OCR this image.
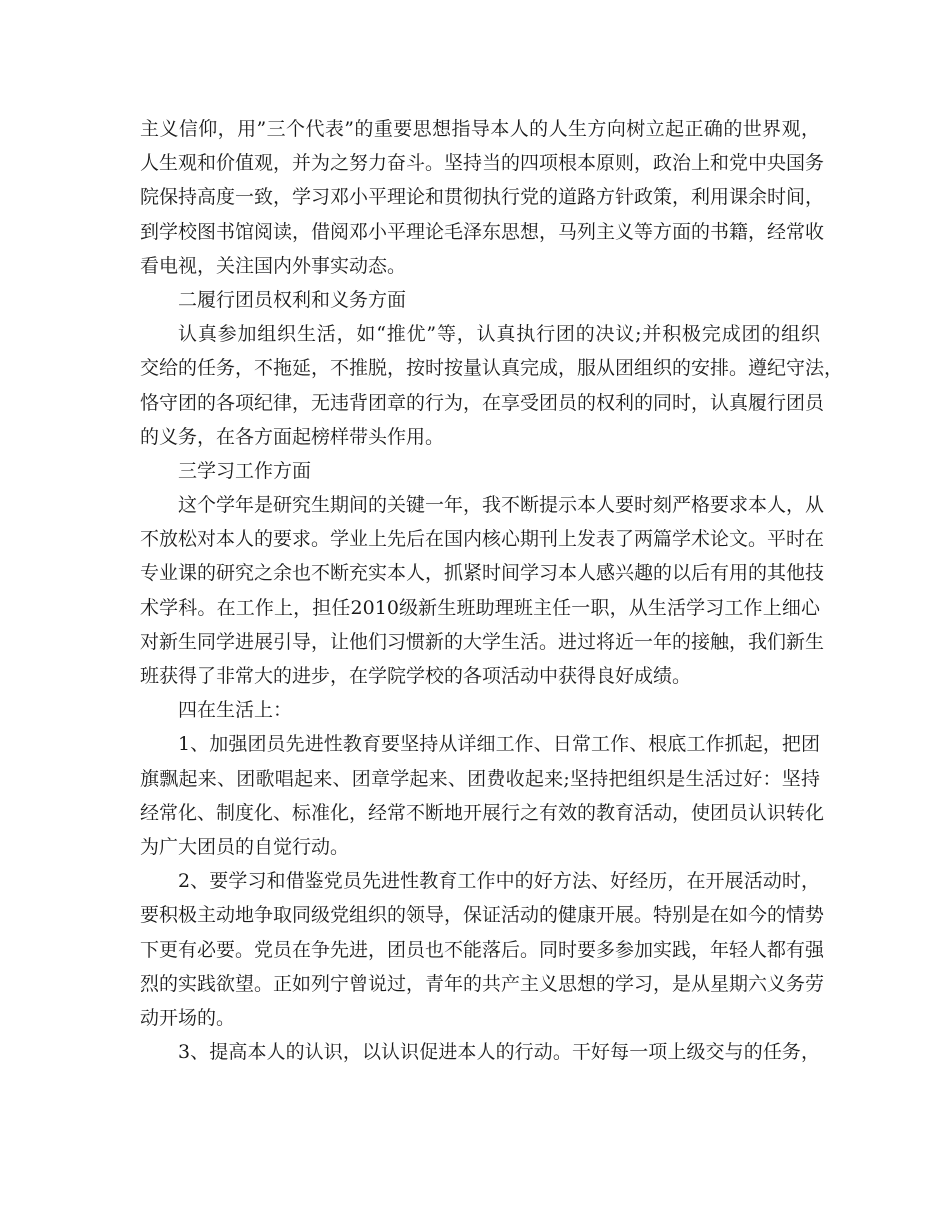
主义信仰，用”三个代表”的重要思想指导本人的人生方向树立起正确的世界观，
人生观和价值观，并为之努力奋斗。坚持当的四项根本原则，政治上和党中央国务
院保持高度一致，学习邓小平理论和贯彻执行党的道路方针政策，利用课余时间，
到学校图书馆阅读，借阅邓小平理论毛泽东思想，马列主义等方面的书籍，经常收
看电视，关注国内外事实动态。
二履行团员权利和义务方面
认真参加组织生活，如“推优”等，认真执行团的决议;并积极完成团的组织
交给的任务，不拖延，不推脱，按时按量认真完成，服从团组织的安排。遵纪守法，
恪守团的各项纪律，无违背团章的行为，在享受团员的权利的同时，认真履行团员
的义务，在各方面起榜样带头作用。
三学习工作方面
这个学年是研究生期间的关键一年，我不断提示本人要时刻严格要求本人，从
不放松对本人的要求。学业上先后在国内核心期刊上发表了两篇学术论文。平时在
专业课的研究之余也不断充实本人，抓紧时间学习本人感兴趣的以后有用的其他技
术学科。在工作上，担任2010级新生班助理班主任一职，从生活学习工作上细心
对新生同学进展引导，让他们习惯新的大学生活。进过将近一年的接触，我们新生
班获得了非常大的进步，在学院学校的各项活动中获得良好成绩。
四在生活上：
1、加强团员先进性教育要坚持从详细工作、日常工作、根底工作抓起，把团
旗飘起来、团歌唱起来、团章学起来、团费收起来;坚持把组织是生活过好：坚持
经常化、制度化、标准化，经常不断地开展行之有效的教育活动，使团员认识转化
为广大团员的自觉行动。
2、要学习和借鉴党员先进性教育工作中的好方法、好经历，在开展活动时，
要积极主动地争取同级党组织的领导，保证活动的健康开展。特别是在如今的情势
下更有必要。党员在争先进，团员也不能落后。同时要多参加实践，年轻人都有强
烈的实践欲望。正如列宁曾说过，青年的共产主义思想的学习，是从星期六义务劳
动开场的。
3、提高本人的认识，以认识促进本人的行动。干好每一项上级交与的任务，
